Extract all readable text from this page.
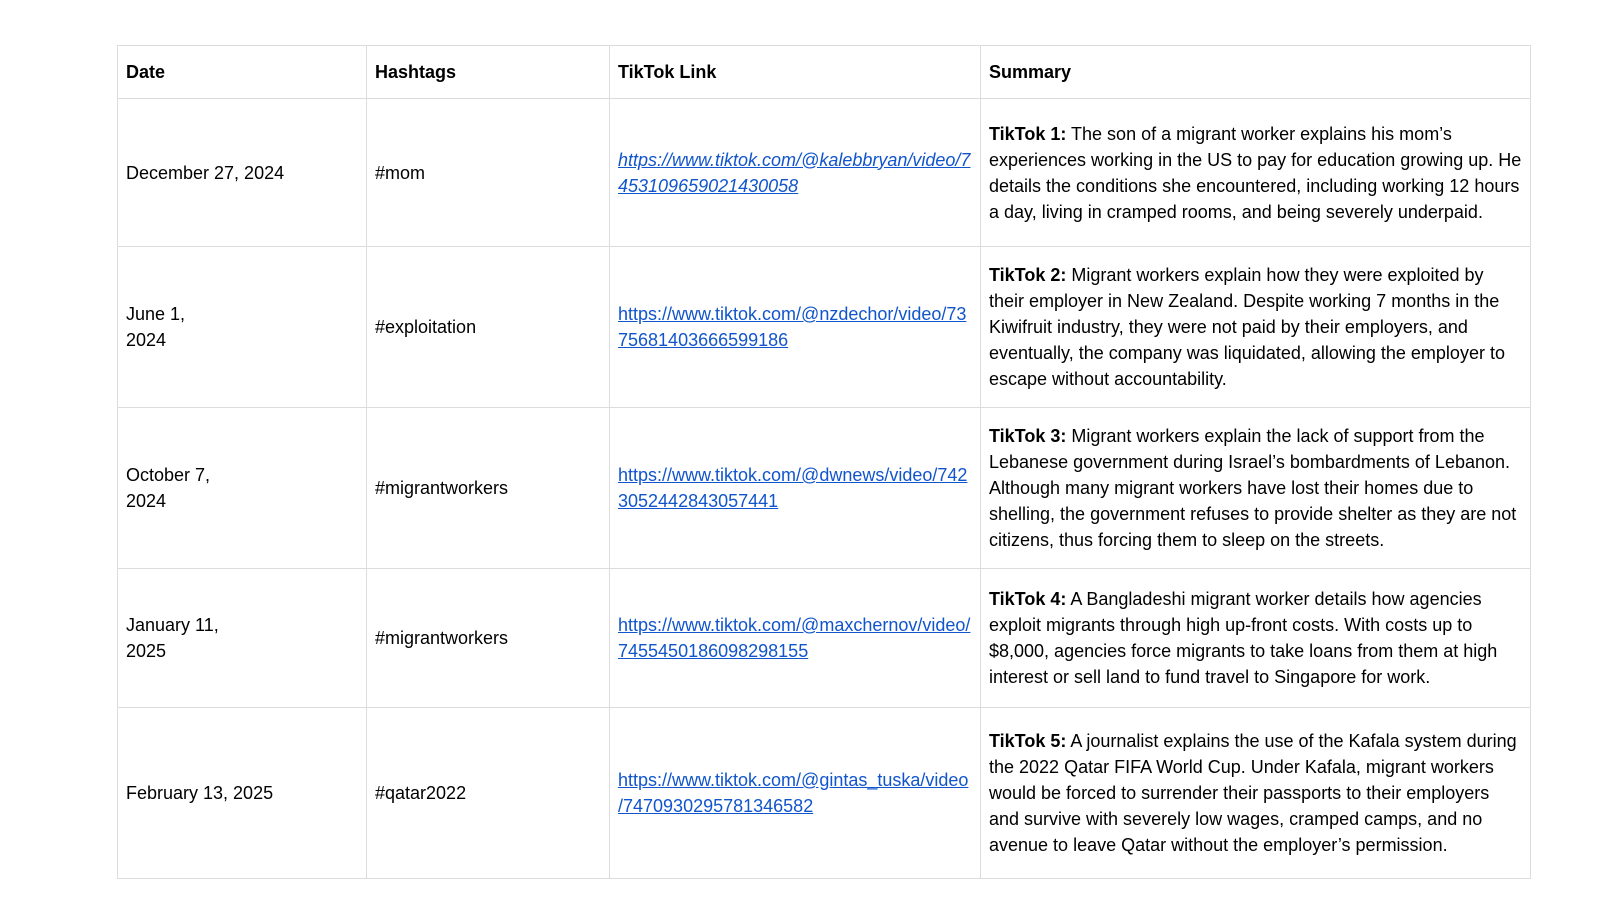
Date	Hashtags	TikTok Link	Summary
December 27, 2024	#mom	https://www.tiktok.com/@kalebbryan/video/7453109659021430058	TikTok 1: The son of a migrant worker explains his mom’s experiences working in the US to pay for education growing up. He details the conditions she encountered, including working 12 hours a day, living in cramped rooms, and being severely underpaid.
June 1,
2024	#exploitation	https://www.tiktok.com/@nzdechor/video/7375681403666599186	TikTok 2: Migrant workers explain how they were exploited by their employer in New Zealand. Despite working 7 months in the Kiwifruit industry, they were not paid by their employers, and eventually, the company was liquidated, allowing the employer to escape without accountability.
October 7,
2024	#migrantworkers	https://www.tiktok.com/@dwnews/video/7423052442843057441	TikTok 3: Migrant workers explain the lack of support from the Lebanese government during Israel’s bombardments of Lebanon. Although many migrant workers have lost their homes due to shelling, the government refuses to provide shelter as they are not citizens, thus forcing them to sleep on the streets.
January 11,
2025	#migrantworkers	https://www.tiktok.com/@maxchernov/video/7455450186098298155	TikTok 4: A Bangladeshi migrant worker details how agencies exploit migrants through high up-front costs. With costs up to $8,000, agencies force migrants to take loans from them at high interest or sell land to fund travel to Singapore for work.
February 13, 2025	#qatar2022	https://www.tiktok.com/@gintas_tuska/video/7470930295781346582	TikTok 5: A journalist explains the use of the Kafala system during the 2022 Qatar FIFA World Cup. Under Kafala, migrant workers would be forced to surrender their passports to their employers and survive with severely low wages, cramped camps, and no avenue to leave Qatar without the employer’s permission.
